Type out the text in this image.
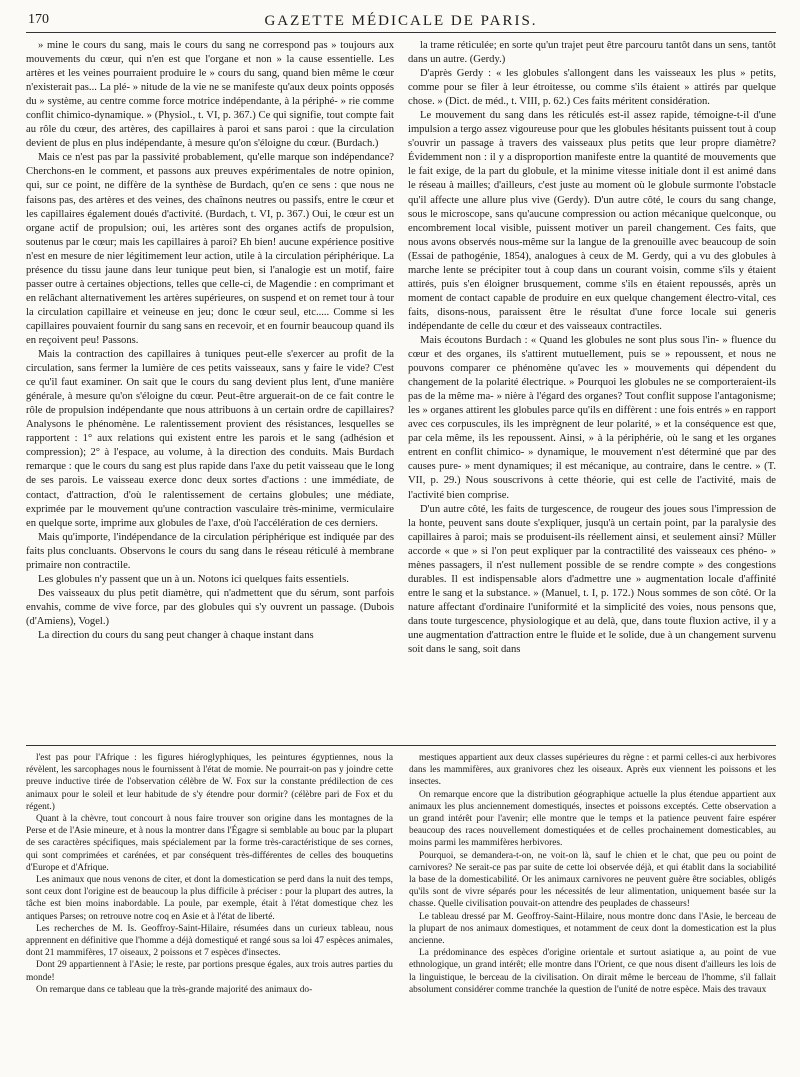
170	GAZETTE MÉDICALE DE PARIS.

» mine le cours du sang, mais le cours du sang ne correspond pas » toujours aux mouvements du cœur, qui n'en est que l'organe et non » la cause essentielle. Les artères et les veines pourraient produire le » cours du sang, quand bien même le cœur n'existerait pas... La plé- » nitude de la vie ne se manifeste qu'aux deux points opposés du » système, au centre comme force motrice indépendante, à la périphé- » rie comme conflit chimico-dynamique. » (Physiol., t. VI, p. 367.) Ce qui signifie, tout compte fait au rôle du cœur, des artères, des capillaires à paroi et sans paroi : que la circulation devient de plus en plus indépendante, à mesure qu'on s'éloigne du cœur. (Burdach.)

Mais ce n'est pas par la passivité probablement, qu'elle marque son indépendance? Cherchons-en le comment, et passons aux preuves expérimentales de notre opinion, qui, sur ce point, ne diffère de la synthèse de Burdach, qu'en ce sens : que nous ne faisons pas, des artères et des veines, des chaînons neutres ou passifs, entre le cœur et les capillaires également doués d'activité. (Burdach, t. VI, p. 367.) Oui, le cœur est un organe actif de propulsion; oui, les artères sont des organes actifs de propulsion, soutenus par le cœur; mais les capillaires à paroi? Eh bien! aucune expérience positive n'est en mesure de nier légitimement leur action, utile à la circulation périphérique. La présence du tissu jaune dans leur tunique peut bien, si l'analogie est un motif, faire passer outre à certaines objections, telles que celle-ci, de Magendie : en comprimant et en relâchant alternativement les artères supérieures, on suspend et on remet tour à tour la circulation capillaire et veineuse en jeu; donc le cœur seul, etc..... Comme si les capillaires pouvaient fournir du sang sans en recevoir, et en fournir beaucoup quand ils en reçoivent peu! Passons.

Mais la contraction des capillaires à tuniques peut-elle s'exercer au profit de la circulation, sans fermer la lumière de ces petits vaisseaux, sans y faire le vide? C'est ce qu'il faut examiner. On sait que le cours du sang devient plus lent, d'une manière générale, à mesure qu'on s'éloigne du cœur. Peut-être arguerait-on de ce fait contre le rôle de propulsion indépendante que nous attribuons à un certain ordre de capillaires? Analysons le phénomène. Le ralentissement provient des résistances, lesquelles se rapportent : 1° aux relations qui existent entre les parois et le sang (adhésion et compression); 2° à l'espace, au volume, à la direction des conduits. Mais Burdach remarque : que le cours du sang est plus rapide dans l'axe du petit vaisseau que le long de ses parois. Le vaisseau exerce donc deux sortes d'actions : une immédiate, de contact, d'attraction, d'où le ralentissement de certains globules; une médiate, exprimée par le mouvement qu'une contraction vasculaire très-minime, vermiculaire en quelque sorte, imprime aux globules de l'axe, d'où l'accélération de ces derniers.

Mais qu'importe, l'indépendance de la circulation périphérique est indiquée par des faits plus concluants. Observons le cours du sang dans le réseau réticulé à membrane primaire non contractile.

Les globules n'y passent que un à un. Notons ici quelques faits essentiels.

Des vaisseaux du plus petit diamètre, qui n'admettent que du sérum, sont parfois envahis, comme de vive force, par des globules qui s'y ouvrent un passage. (Dubois (d'Amiens), Vogel.)

La direction du cours du sang peut changer à chaque instant dans

la trame réticulée; en sorte qu'un trajet peut être parcouru tantôt dans un sens, tantôt dans un autre. (Gerdy.)

D'après Gerdy : « les globules s'allongent dans les vaisseaux les plus » petits, comme pour se filer à leur étroitesse, ou comme s'ils étaient » attirés par quelque chose. » (Dict. de méd., t. VIII, p. 62.) Ces faits méritent considération.

Le mouvement du sang dans les réticulés est-il assez rapide, témoigne-t-il d'une impulsion a tergo assez vigoureuse pour que les globules hésitants puissent tout à coup s'ouvrir un passage à travers des vaisseaux plus petits que leur propre diamètre? Évidemment non : il y a disproportion manifeste entre la quantité de mouvements que le fait exige, de la part du globule, et la minime vitesse initiale dont il est animé dans le réseau à mailles; d'ailleurs, c'est juste au moment où le globule surmonte l'obstacle qu'il affecte une allure plus vive (Gerdy). D'un autre côté, le cours du sang change, sous le microscope, sans qu'aucune compression ou action mécanique quelconque, ou encombrement local visible, puissent motiver un pareil changement. Ces faits, que nous avons observés nous-même sur la langue de la grenouille avec beaucoup de soin (Essai de pathogénie, 1854), analogues à ceux de M. Gerdy, qui a vu des globules à marche lente se précipiter tout à coup dans un courant voisin, comme s'ils y étaient attirés, puis s'en éloigner brusquement, comme s'ils en étaient repoussés, après un moment de contact capable de produire en eux quelque changement électro-vital, ces faits, disons-nous, paraissent être le résultat d'une force locale sui generis indépendante de celle du cœur et des vaisseaux contractiles.

Mais écoutons Burdach : « Quand les globules ne sont plus sous l'in- » fluence du cœur et des organes, ils s'attirent mutuellement, puis se » repoussent, et nous ne pouvons comparer ce phénomène qu'avec les » mouvements qui dépendent du changement de la polarité électrique. » Pourquoi les globules ne se comporteraient-ils pas de la même ma- » nière à l'égard des organes? Tout conflit suppose l'antagonisme; les » organes attirent les globules parce qu'ils en diffèrent : une fois entrés » en rapport avec ces corpuscules, ils les imprègnent de leur polarité, » et la conséquence est que, par cela même, ils les repoussent. Ainsi, » à la périphérie, où le sang et les organes entrent en conflit chimico- » dynamique, le mouvement n'est déterminé que par des causes pure- » ment dynamiques; il est mécanique, au contraire, dans le centre. » (T. VII, p. 29.) Nous souscrivons à cette théorie, qui est celle de l'activité, mais de l'activité bien comprise.

D'un autre côté, les faits de turgescence, de rougeur des joues sous l'impression de la honte, peuvent sans doute s'expliquer, jusqu'à un certain point, par la paralysie des capillaires à paroi; mais se produisent-ils réellement ainsi, et seulement ainsi? Müller accorde « que » si l'on peut expliquer par la contractilité des vaisseaux ces phéno- » mènes passagers, il n'est nullement possible de se rendre compte » des congestions durables. Il est indispensable alors d'admettre une » augmentation locale d'affinité entre le sang et la substance. » (Manuel, t. I, p. 172.) Nous sommes de son côté. Or la nature affectant d'ordinaire l'uniformité et la simplicité des voies, nous pensons que, dans toute turgescence, physiologique et au delà, que, dans toute fluxion active, il y a une augmentation d'attraction entre le fluide et le solide, due à un changement survenu soit dans le sang, soit dans

l'est pas pour l'Afrique : les figures hiéroglyphiques, les peintures égyptiennes, nous la révèlent, les sarcophages nous le fournissent à l'état de momie. Ne pourrait-on pas y joindre cette preuve inductive tirée de l'observation célèbre de W. Fox sur la constante prédilection de ces animaux pour le soleil et leur habitude de s'y étendre pour dormir? (célèbre pari de Fox et du régent.)

Quant à la chèvre, tout concourt à nous faire trouver son origine dans les montagnes de la Perse et de l'Asie mineure, et à nous la montrer dans l'Égagre si semblable au bouc par la plupart de ses caractères spécifiques, mais spécialement par la forme très-caractéristique de ses cornes, qui sont comprimées et carénées, et par conséquent très-différentes de celles des bouquetins d'Europe et d'Afrique.

Les animaux que nous venons de citer, et dont la domestication se perd dans la nuit des temps, sont ceux dont l'origine est de beaucoup la plus difficile à préciser : pour la plupart des autres, la tâche est bien moins inabordable. La poule, par exemple, était à l'état domestique chez les antiques Parses; on retrouve notre coq en Asie et à l'état de liberté.

Les recherches de M. Is. Geoffroy-Saint-Hilaire, résumées dans un curieux tableau, nous apprennent en définitive que l'homme a déjà domestiqué et rangé sous sa loi 47 espèces animales, dont 21 mammifères, 17 oiseaux, 2 poissons et 7 espèces d'insectes.

Dont 29 appartiennent à l'Asie; le reste, par portions presque égales, aux trois autres parties du monde!

On remarque dans ce tableau que la très-grande majorité des animaux do-

mestiques appartient aux deux classes supérieures du règne : et parmi celles-ci aux herbivores dans les mammifères, aux granivores chez les oiseaux. Après eux viennent les poissons et les insectes.

On remarque encore que la distribution géographique actuelle la plus étendue appartient aux animaux les plus anciennement domestiqués, insectes et poissons exceptés. Cette observation a un grand intérêt pour l'avenir; elle montre que le temps et la patience peuvent faire espérer beaucoup des races nouvellement domestiquées et de celles prochainement domesticables, au moins parmi les mammifères herbivores.

Pourquoi, se demandera-t-on, ne voit-on là, sauf le chien et le chat, que peu ou point de carnivores? Ne serait-ce pas par suite de cette loi observée déjà, et qui établit dans la sociabilité la base de la domesticabilité. Or les animaux carnivores ne peuvent guère être sociables, obligés qu'ils sont de vivre séparés pour les nécessités de leur alimentation, uniquement basée sur la chasse. Quelle civilisation pouvait-on attendre des peuplades de chasseurs!

Le tableau dressé par M. Geoffroy-Saint-Hilaire, nous montre donc dans l'Asie, le berceau de la plupart de nos animaux domestiques, et notamment de ceux dont la domestication est la plus ancienne.

La prédominance des espèces d'origine orientale et surtout asiatique a, au point de vue ethnologique, un grand intérêt; elle montre dans l'Orient, ce que nous disent d'ailleurs les lois de la linguistique, le berceau de la civilisation. On dirait même le berceau de l'homme, s'il fallait absolument considérer comme tranchée la question de l'unité de notre espèce. Mais des travaux
